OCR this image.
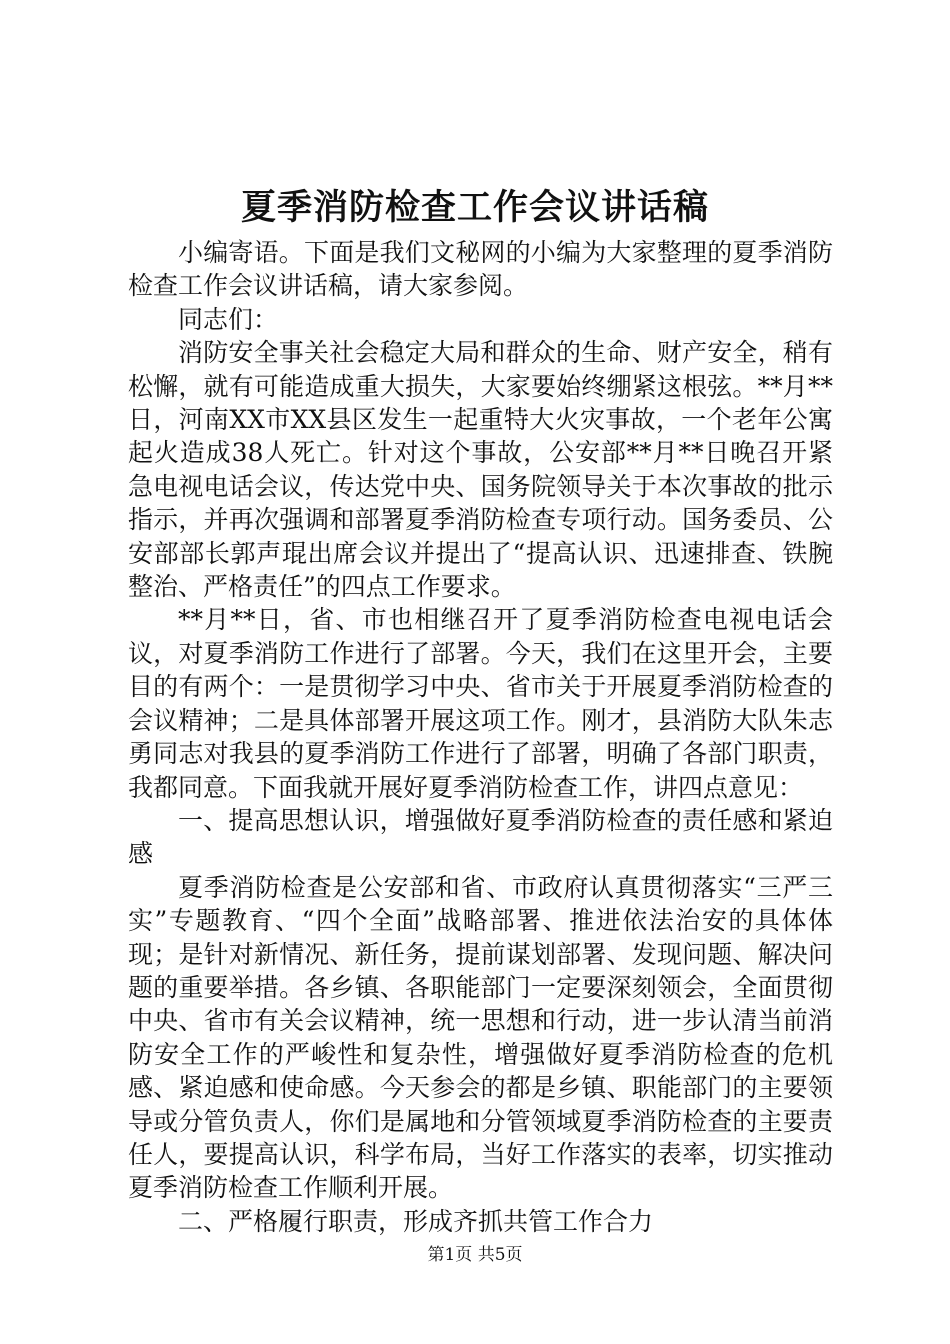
夏季消防检查工作会议讲话稿

小编寄语。下面是我们文秘网的小编为大家整理的夏季消防检查工作会议讲话稿，请大家参阅。

同志们：

消防安全事关社会稳定大局和群众的生命、财产安全，稍有松懈，就有可能造成重大损失，大家要始终绷紧这根弦。**月**日，河南XX市XX县区发生一起重特大火灾事故，一个老年公寓起火造成38人死亡。针对这个事故，公安部**月**日晚召开紧急电视电话会议，传达党中央、国务院领导关于本次事故的批示指示，并再次强调和部署夏季消防检查专项行动。国务委员、公安部部长郭声琨出席会议并提出了“提高认识、迅速排查、铁腕整治、严格责任”的四点工作要求。

**月**日，省、市也相继召开了夏季消防检查电视电话会议，对夏季消防工作进行了部署。今天，我们在这里开会，主要目的有两个：一是贯彻学习中央、省市关于开展夏季消防检查的会议精神；二是具体部署开展这项工作。刚才，县消防大队朱志勇同志对我县的夏季消防工作进行了部署，明确了各部门职责，我都同意。下面我就开展好夏季消防检查工作，讲四点意见：

一、提高思想认识，增强做好夏季消防检查的责任感和紧迫感

夏季消防检查是公安部和省、市政府认真贯彻落实“三严三实”专题教育、“四个全面”战略部署、推进依法治安的具体体现；是针对新情况、新任务，提前谋划部署、发现问题、解决问题的重要举措。各乡镇、各职能部门一定要深刻领会，全面贯彻中央、省市有关会议精神，统一思想和行动，进一步认清当前消防安全工作的严峻性和复杂性，增强做好夏季消防检查的危机感、紧迫感和使命感。今天参会的都是乡镇、职能部门的主要领导或分管负责人，你们是属地和分管领域夏季消防检查的主要责任人，要提高认识，科学布局，当好工作落实的表率，切实推动夏季消防检查工作顺利开展。

二、严格履行职责，形成齐抓共管工作合力

第1页 共5页
